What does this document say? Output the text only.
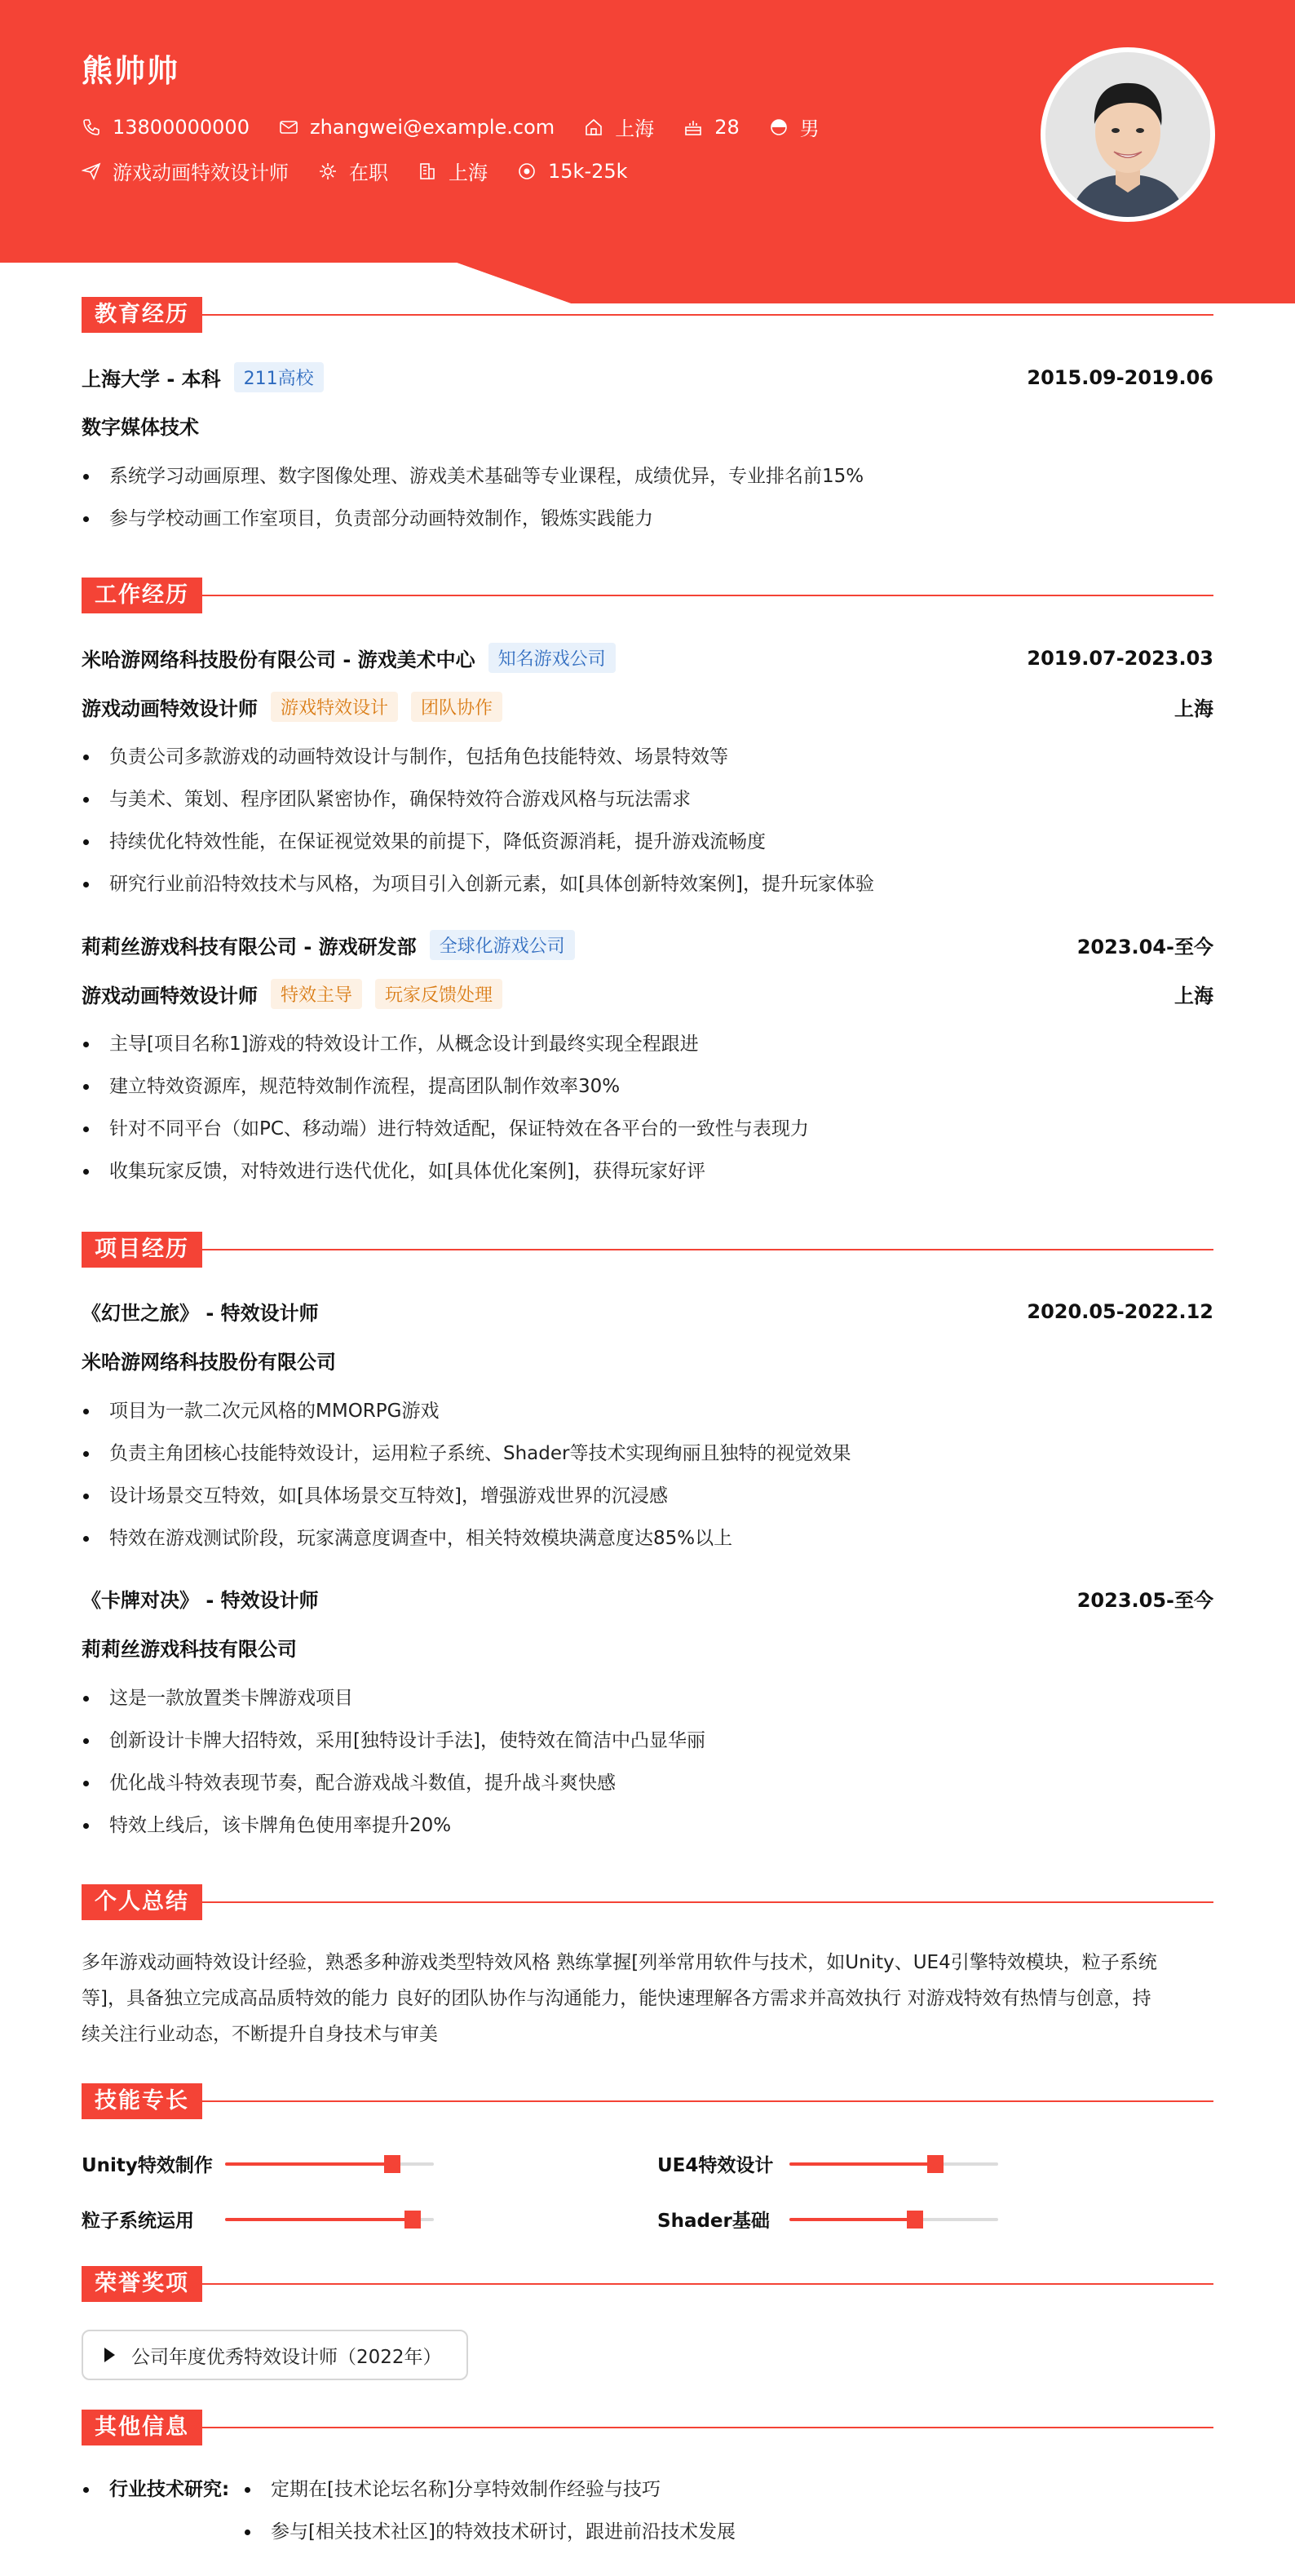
熊帅帅
13800000000	zhangwei@example.com	上海	28	男
游戏动画特效设计师	在职	上海	15k-25k
教育经历
上海大学 - 本科	211高校	2015.09-2019.06
数字媒体技术
系统学习动画原理、数字图像处理、游戏美术基础等专业课程，成绩优异，专业排名前15%
参与学校动画工作室项目，负责部分动画特效制作，锻炼实践能力
工作经历
米哈游网络科技股份有限公司 - 游戏美术中心	知名游戏公司	2019.07-2023.03
游戏动画特效设计师	游戏特效设计	团队协作	上海
负责公司多款游戏的动画特效设计与制作，包括角色技能特效、场景特效等
与美术、策划、程序团队紧密协作，确保特效符合游戏风格与玩法需求
持续优化特效性能，在保证视觉效果的前提下，降低资源消耗，提升游戏流畅度
研究行业前沿特效技术与风格，为项目引入创新元素，如[具体创新特效案例]，提升玩家体验
莉莉丝游戏科技有限公司 - 游戏研发部	全球化游戏公司	2023.04-至今
游戏动画特效设计师	特效主导	玩家反馈处理	上海
主导[项目名称1]游戏的特效设计工作，从概念设计到最终实现全程跟进
建立特效资源库，规范特效制作流程，提高团队制作效率30%
针对不同平台（如PC、移动端）进行特效适配，保证特效在各平台的一致性与表现力
收集玩家反馈，对特效进行迭代优化，如[具体优化案例]，获得玩家好评
项目经历
《幻世之旅》 - 特效设计师	2020.05-2022.12
米哈游网络科技股份有限公司
项目为一款二次元风格的MMORPG游戏
负责主角团核心技能特效设计，运用粒子系统、Shader等技术实现绚丽且独特的视觉效果
设计场景交互特效，如[具体场景交互特效]，增强游戏世界的沉浸感
特效在游戏测试阶段，玩家满意度调查中，相关特效模块满意度达85%以上
《卡牌对决》 - 特效设计师	2023.05-至今
莉莉丝游戏科技有限公司
这是一款放置类卡牌游戏项目
创新设计卡牌大招特效，采用[独特设计手法]，使特效在简洁中凸显华丽
优化战斗特效表现节奏，配合游戏战斗数值，提升战斗爽快感
特效上线后，该卡牌角色使用率提升20%
个人总结
多年游戏动画特效设计经验，熟悉多种游戏类型特效风格 熟练掌握[列举常用软件与技术，如Unity、UE4引擎特效模块，粒子系统
等]，具备独立完成高品质特效的能力 良好的团队协作与沟通能力，能快速理解各方需求并高效执行 对游戏特效有热情与创意，持
续关注行业动态，不断提升自身技术与审美
技能专长
Unity特效制作	UE4特效设计
粒子系统运用	Shader基础
荣誉奖项
公司年度优秀特效设计师（2022年）
其他信息
行业技术研究: 定期在[技术论坛名称]分享特效制作经验与技巧
参与[相关技术社区]的特效技术研讨，跟进前沿技术发展
